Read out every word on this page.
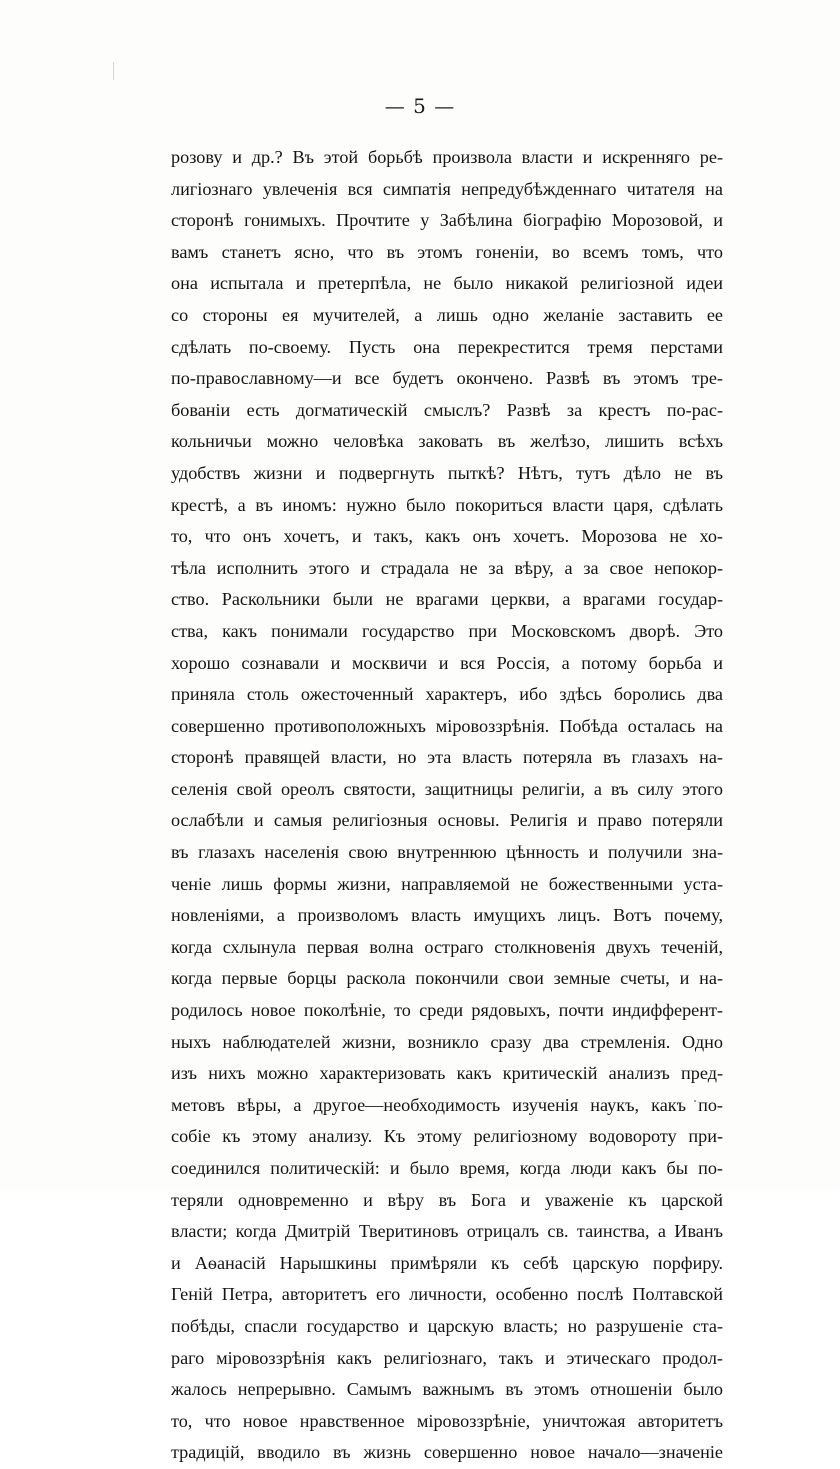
— 5 —
розову и др.? Въ этой борьбѣ произвола власти и искренняго ре-
лигіознаго увлеченія вся симпатія непредубѣжденнаго читателя на
сторонѣ гонимыхъ. Прочтите у Забѣлина біографію Морозовой, и
вамъ станетъ ясно, что въ этомъ гоненіи, во всемъ томъ, что
она испытала и претерпѣла, не было никакой религіозной идеи
со стороны ея мучителей, а лишь одно желаніе заставить ее
сдѣлать по-своему. Пусть она перекрестится тремя перстами
по-православному—и все будетъ окончено. Развѣ въ этомъ тре-
бованіи есть догматическій смыслъ? Развѣ за крестъ по-рас-
кольничьи можно человѣка заковать въ желѣзо, лишить всѣхъ
удобствъ жизни и подвергнуть пыткѣ? Нѣтъ, тутъ дѣло не въ
крестѣ, а въ иномъ: нужно было покориться власти царя, сдѣлать
то, что онъ хочетъ, и такъ, какъ онъ хочетъ. Морозова не хо-
тѣла исполнить этого и страдала не за вѣру, а за свое непокор-
ство. Раскольники были не врагами церкви, а врагами государ-
ства, какъ понимали государство при Московскомъ дворѣ. Это
хорошо сознавали и москвичи и вся Россія, а потому борьба и
приняла столь ожесточенный характеръ, ибо здѣсь боролись два
совершенно противоположныхъ міровоззрѣнія. Побѣда осталась на
сторонѣ правящей власти, но эта власть потеряла въ глазахъ на-
селенія свой ореолъ святости, защитницы религіи, а въ силу этого
ослабѣли и самыя религіозныя основы. Религія и право потеряли
въ глазахъ населенія свою внутреннюю цѣнность и получили зна-
ченіе лишь формы жизни, направляемой не божественными уста-
новленіями, а произволомъ власть имущихъ лицъ. Вотъ почему,
когда схлынула первая волна остраго столкновенія двухъ теченій,
когда первые борцы раскола покончили свои земные счеты, и на-
родилось новое поколѣніе, то среди рядовыхъ, почти индифферент-
ныхъ наблюдателей жизни, возникло сразу два стремленія. Одно
изъ нихъ можно характеризовать какъ критическій анализъ пред-
метовъ вѣры, а другое—необходимость изученія наукъ, какъ по-
собіе къ этому анализу. Къ этому религіозному водовороту при-
соединился политическій: и было время, когда люди какъ бы по-
теряли одновременно и вѣру въ Бога и уваженіе къ царской
власти; когда Дмитрій Тверитиновъ отрицалъ св. таинства, а Иванъ
и Аѳанасій Нарышкины примѣряли къ себѣ царскую порфиру.
Геній Петра, авторитетъ его личности, особенно послѣ Полтавской
побѣды, спасли государство и царскую власть; но разрушеніе ста-
раго міровоззрѣнія какъ религіознаго, такъ и этическаго продол-
жалось непрерывно. Самымъ важнымъ въ этомъ отношеніи было
то, что новое нравственное міровоззрѣніе, уничтожая авторитетъ
традицій, вводило въ жизнь совершенно новое начало—значеніе
